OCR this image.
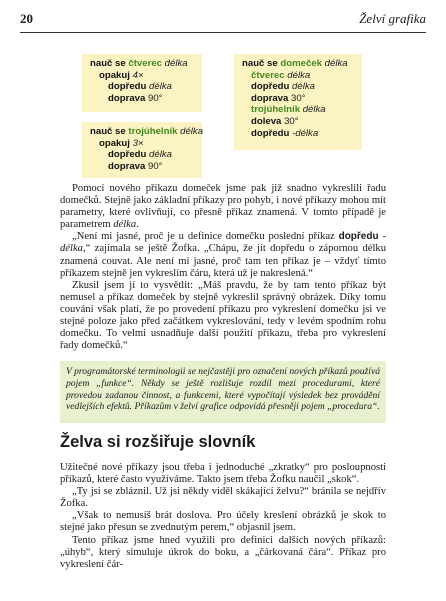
20	Želví grafika
nauč se čtverec délka
opakuj 4×
dopředu délka
doprava 90°
nauč se trojúhelník délka
opakuj 3×
dopředu délka
doprava 90°
nauč se domeček délka
čtverec délka
dopředu délka
doprava 30°
trojúhelník délka
doleva 30°
dopředu -délka

Pomocí nového příkazu domeček jsme pak již snadno vykreslili řadu domečků. Stejně jako základní příkazy pro pohyb, i nové příkazy mohou mít parametry, které ovlivňují, co přesně příkaz znamená. V tomto případě je parametrem délka.

„Není mi jasné, proč je u definice domečku poslední příkaz dopředu -délka,“ zajímala se ještě Žofka. „Chápu, že jít dopředu o zápornou délku znamená couvat. Ale není mi jasné, proč tam ten příkaz je – vždyť tímto příkazem stejně jen vykreslím čáru, která už je nakreslená.“

Zkusil jsem jí to vysvětlit: „Máš pravdu, že by tam tento příkaz být nemusel a příkaz domeček by stejně vykreslil správný obrázek. Díky tomu couvání však platí, že po provedení příkazu pro vykreslení domečku jsi ve stejné poloze jako před začátkem vykreslování, tedy v levém spodním rohu domečku. To velmi usnadňuje další použití příkazu, třeba pro vykreslení řady domečků.“

V programátorské terminologii se nejčastěji pro označení nových příkazů používá pojem „funkce“. Někdy se ještě rozlišuje rozdíl mezi procedurami, které provedou zadanou činnost, a funkcemi, které vypočítají výsledek bez provádění vedlejších efektů. Příkazům v želví grafice odpovídá přesněji pojem „procedura“.
Želva si rozšiřuje slovník

Užitečné nové příkazy jsou třeba i jednoduché „zkratky“ pro posloupnosti příkazů, které často využíváme. Takto jsem třeba Žofku naučil „skok“.

„Ty jsi se zbláznil. Už jsi někdy viděl skákající želvu?“ bránila se nejdřív Žofka.

„Však to nemusíš brát doslova. Pro účely kreslení obrázků je skok to stejné jako přesun se zvednutým perem,“ objasnil jsem.

Tento příkaz jsme hned využili pro definici dalších nových příkazů: „úhyb“, který simuluje úkrok do boku, a „čárkovaná čára“. Příkaz pro vykreslení čár-
